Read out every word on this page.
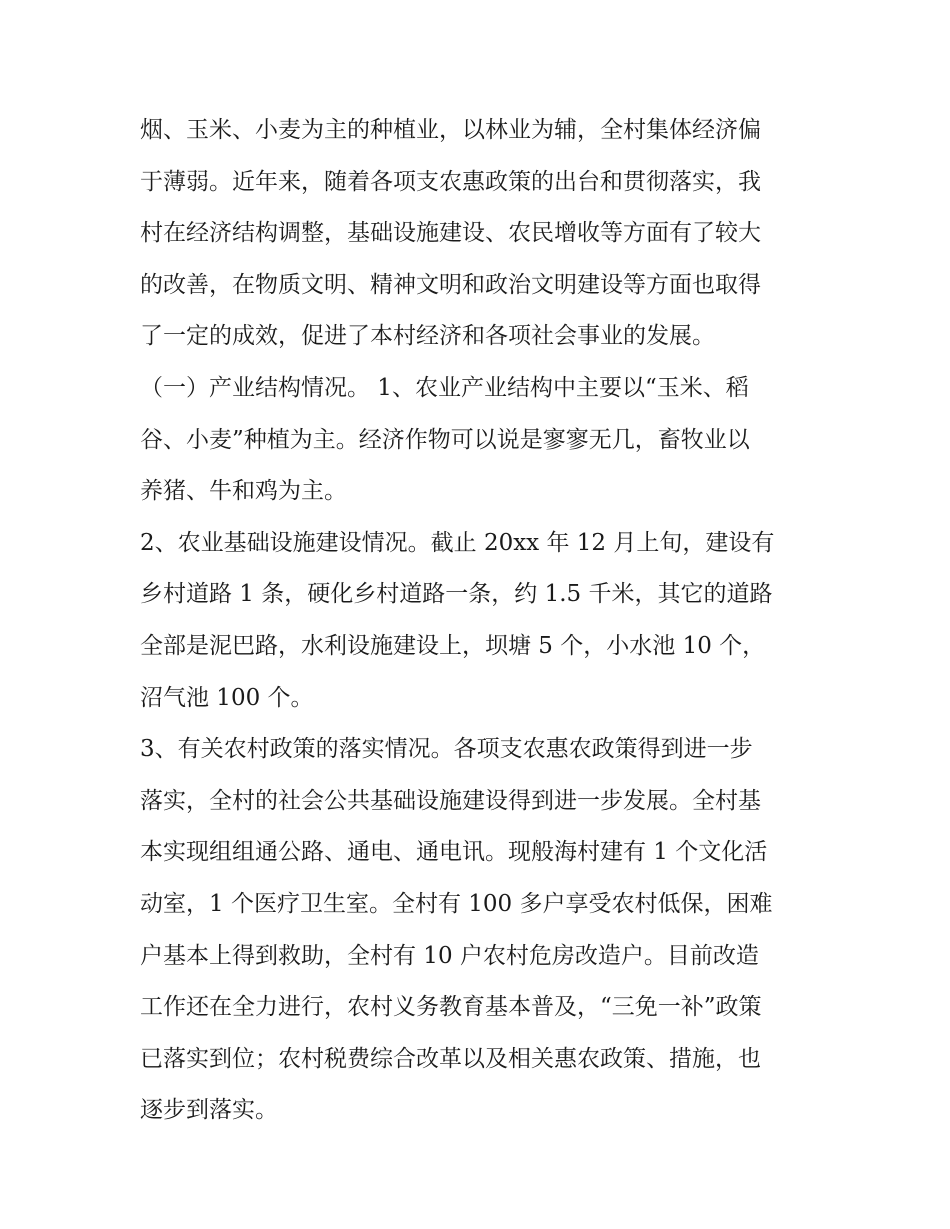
烟、玉米、小麦为主的种植业，以林业为辅，全村集体经济偏
于薄弱。近年来，随着各项支农惠政策的出台和贯彻落实，我
村在经济结构调整，基础设施建设、农民增收等方面有了较大
的改善，在物质文明、精神文明和政治文明建设等方面也取得
了一定的成效，促进了本村经济和各项社会事业的发展。
（一）产业结构情况。 1、农业产业结构中主要以“玉米、稻
谷、小麦”种植为主。经济作物可以说是寥寥无几，畜牧业以
养猪、牛和鸡为主。
2、农业基础设施建设情况。截止 20xx 年 12 月上旬，建设有
乡村道路 1 条，硬化乡村道路一条，约 1.5 千米，其它的道路
全部是泥巴路，水利设施建设上，坝塘 5 个，小水池 10 个，
沼气池 100 个。
3、有关农村政策的落实情况。各项支农惠农政策得到进一步
落实，全村的社会公共基础设施建设得到进一步发展。全村基
本实现组组通公路、通电、通电讯。现般海村建有 1 个文化活
动室，1 个医疗卫生室。全村有 100 多户享受农村低保，困难
户基本上得到救助，全村有 10 户农村危房改造户。目前改造
工作还在全力进行，农村义务教育基本普及，“三免一补”政策
已落实到位；农村税费综合改革以及相关惠农政策、措施，也
逐步到落实。
